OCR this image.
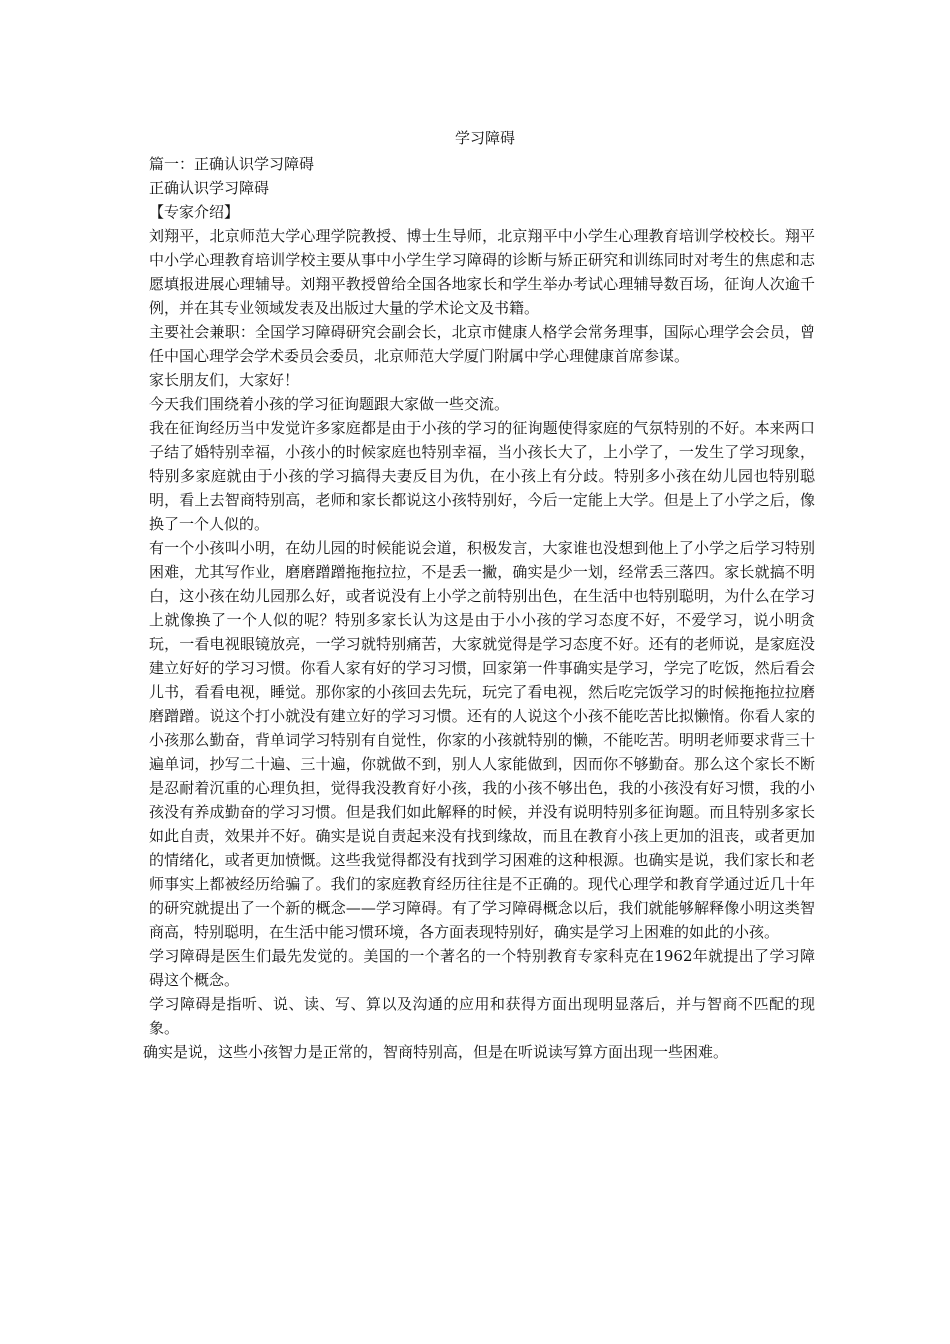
学习障碍

篇一：正确认识学习障碍

正确认识学习障碍

【专家介绍】

刘翔平，北京师范大学心理学院教授、博士生导师，北京翔平中小学生心理教育培训学校校长。翔平中小学心理教育培训学校主要从事中小学生学习障碍的诊断与矫正研究和训练同时对考生的焦虑和志愿填报进展心理辅导。刘翔平教授曾给全国各地家长和学生举办考试心理辅导数百场，征询人次逾千例，并在其专业领域发表及出版过大量的学术论文及书籍。

主要社会兼职：全国学习障碍研究会副会长，北京市健康人格学会常务理事，国际心理学会会员，曾任中国心理学会学术委员会委员，北京师范大学厦门附属中学心理健康首席参谋。

家长朋友们，大家好！

今天我们围绕着小孩的学习征询题跟大家做一些交流。

我在征询经历当中发觉许多家庭都是由于小孩的学习的征询题使得家庭的气氛特别的不好。本来两口子结了婚特别幸福，小孩小的时候家庭也特别幸福，当小孩长大了，上小学了，一发生了学习现象，特别多家庭就由于小孩的学习搞得夫妻反目为仇，在小孩上有分歧。特别多小孩在幼儿园也特别聪明，看上去智商特别高，老师和家长都说这小孩特别好，今后一定能上大学。但是上了小学之后，像换了一个人似的。

有一个小孩叫小明，在幼儿园的时候能说会道，积极发言，大家谁也没想到他上了小学之后学习特别困难，尤其写作业，磨磨蹭蹭拖拖拉拉，不是丢一撇，确实是少一划，经常丢三落四。家长就搞不明白，这小孩在幼儿园那么好，或者说没有上小学之前特别出色，在生活中也特别聪明，为什么在学习上就像换了一个人似的呢？特别多家长认为这是由于小小孩的学习态度不好，不爱学习，说小明贪玩，一看电视眼镜放亮，一学习就特别痛苦，大家就觉得是学习态度不好。还有的老师说，是家庭没建立好好的学习习惯。你看人家有好的学习习惯，回家第一件事确实是学习，学完了吃饭，然后看会儿书，看看电视，睡觉。那你家的小孩回去先玩，玩完了看电视，然后吃完饭学习的时候拖拖拉拉磨磨蹭蹭。说这个打小就没有建立好的学习习惯。还有的人说这个小孩不能吃苦比拟懒惰。你看人家的小孩那么勤奋，背单词学习特别有自觉性，你家的小孩就特别的懒，不能吃苦。明明老师要求背三十遍单词，抄写二十遍、三十遍，你就做不到，别人人家能做到，因而你不够勤奋。那么这个家长不断是忍耐着沉重的心理负担，觉得我没教育好小孩，我的小孩不够出色，我的小孩没有好习惯，我的小孩没有养成勤奋的学习习惯。但是我们如此解释的时候，并没有说明特别多征询题。而且特别多家长如此自责，效果并不好。确实是说自责起来没有找到缘故，而且在教育小孩上更加的沮丧，或者更加的情绪化，或者更加愤慨。这些我觉得都没有找到学习困难的这种根源。也确实是说，我们家长和老师事实上都被经历给骗了。我们的家庭教育经历往往是不正确的。现代心理学和教育学通过近几十年的研究就提出了一个新的概念——学习障碍。有了学习障碍概念以后，我们就能够解释像小明这类智商高，特别聪明，在生活中能习惯环境，各方面表现特别好，确实是学习上困难的如此的小孩。

学习障碍是医生们最先发觉的。美国的一个著名的一个特别教育专家科克在1962年就提出了学习障碍这个概念。

学习障碍是指听、说、读、写、算以及沟通的应用和获得方面出现明显落后，并与智商不匹配的现象。

确实是说，这些小孩智力是正常的，智商特别高，但是在听说读写算方面出现一些困难。
